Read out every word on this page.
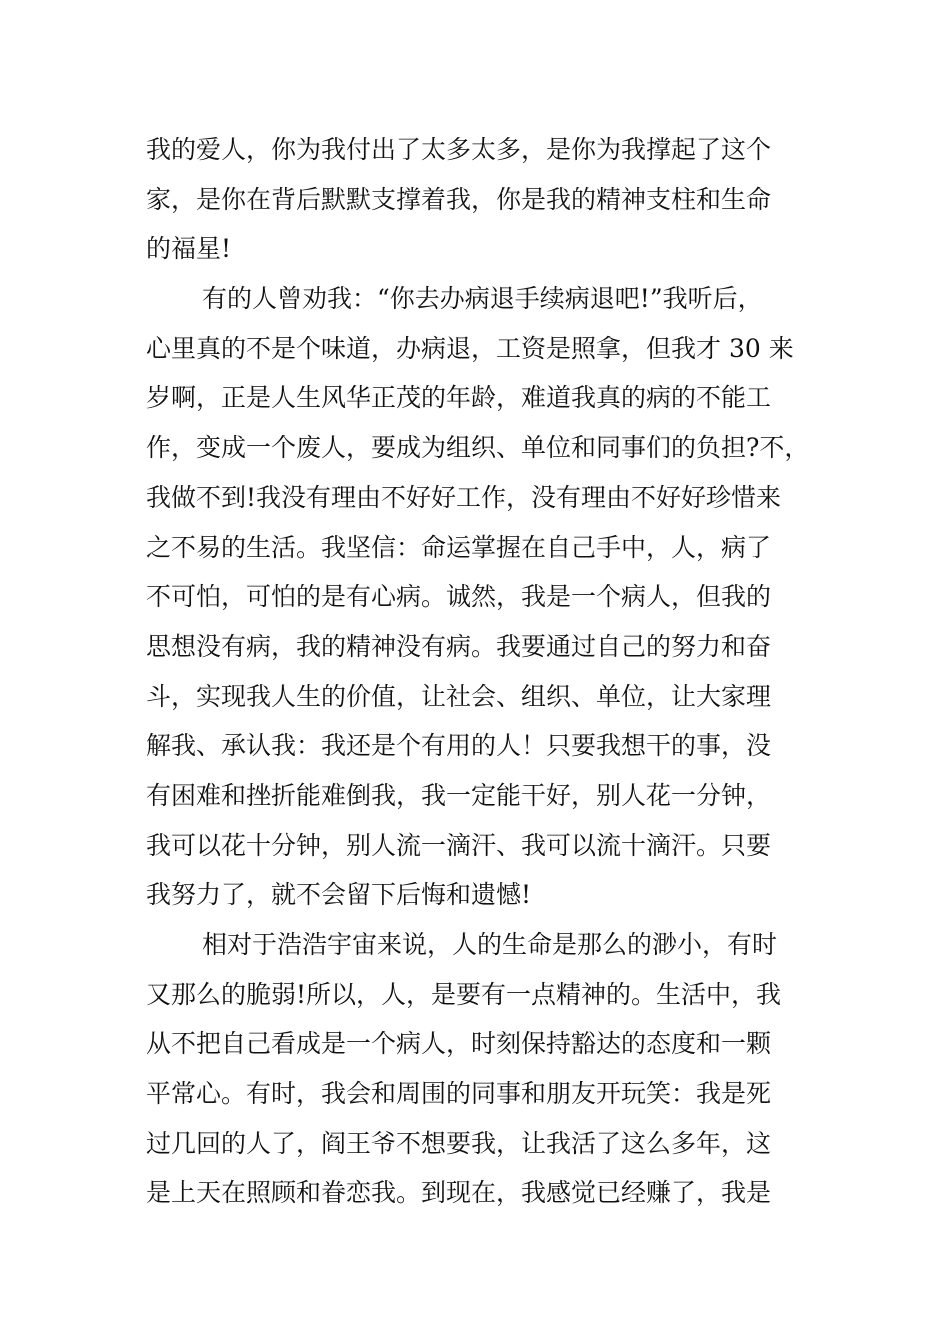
我的爱人，你为我付出了太多太多，是你为我撑起了这个
家，是你在背后默默支撑着我，你是我的精神支柱和生命
的福星!
有的人曾劝我：“你去办病退手续病退吧!”我听后，
心里真的不是个味道，办病退，工资是照拿，但我才 30 来
岁啊，正是人生风华正茂的年龄，难道我真的病的不能工
作，变成一个废人，要成为组织、单位和同事们的负担?不，
我做不到!我没有理由不好好工作，没有理由不好好珍惜来
之不易的生活。我坚信：命运掌握在自己手中，人，病了
不可怕，可怕的是有心病。诚然，我是一个病人，但我的
思想没有病，我的精神没有病。我要通过自己的努力和奋
斗，实现我人生的价值，让社会、组织、单位，让大家理
解我、承认我：我还是个有用的人！只要我想干的事，没
有困难和挫折能难倒我，我一定能干好，别人花一分钟，
我可以花十分钟，别人流一滴汗、我可以流十滴汗。只要
我努力了，就不会留下后悔和遗憾!
相对于浩浩宇宙来说，人的生命是那么的渺小，有时
又那么的脆弱!所以，人，是要有一点精神的。生活中，我
从不把自己看成是一个病人，时刻保持豁达的态度和一颗
平常心。有时，我会和周围的同事和朋友开玩笑：我是死
过几回的人了，阎王爷不想要我，让我活了这么多年，这
是上天在照顾和眷恋我。到现在，我感觉已经赚了，我是
